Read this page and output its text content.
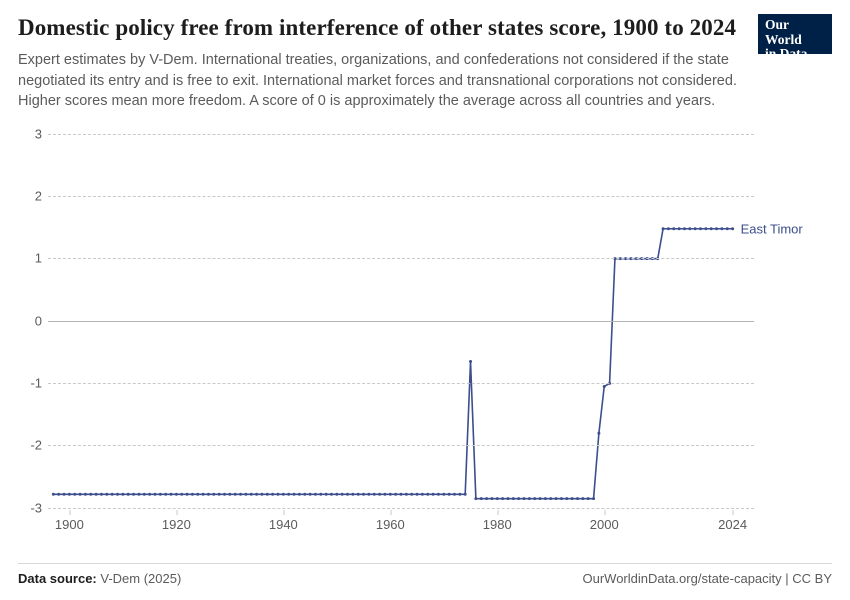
Domestic policy free from interference of other states score, 1900 to 2024

Expert estimates by V-Dem. International treaties, organizations, and confederations not considered if the state negotiated its entry and is free to exit. International market forces and transnational corporations not considered. Higher scores mean more freedom. A score of 0 is approximately the average across all countries and years.

Our World
in Data
-3
-2
-1
0
1
2
3
1900	1920	1940	1960	1980	2000	2024
East Timor
Data source: V-Dem (2025)	OurWorldinData.org/state-capacity | CC BY
